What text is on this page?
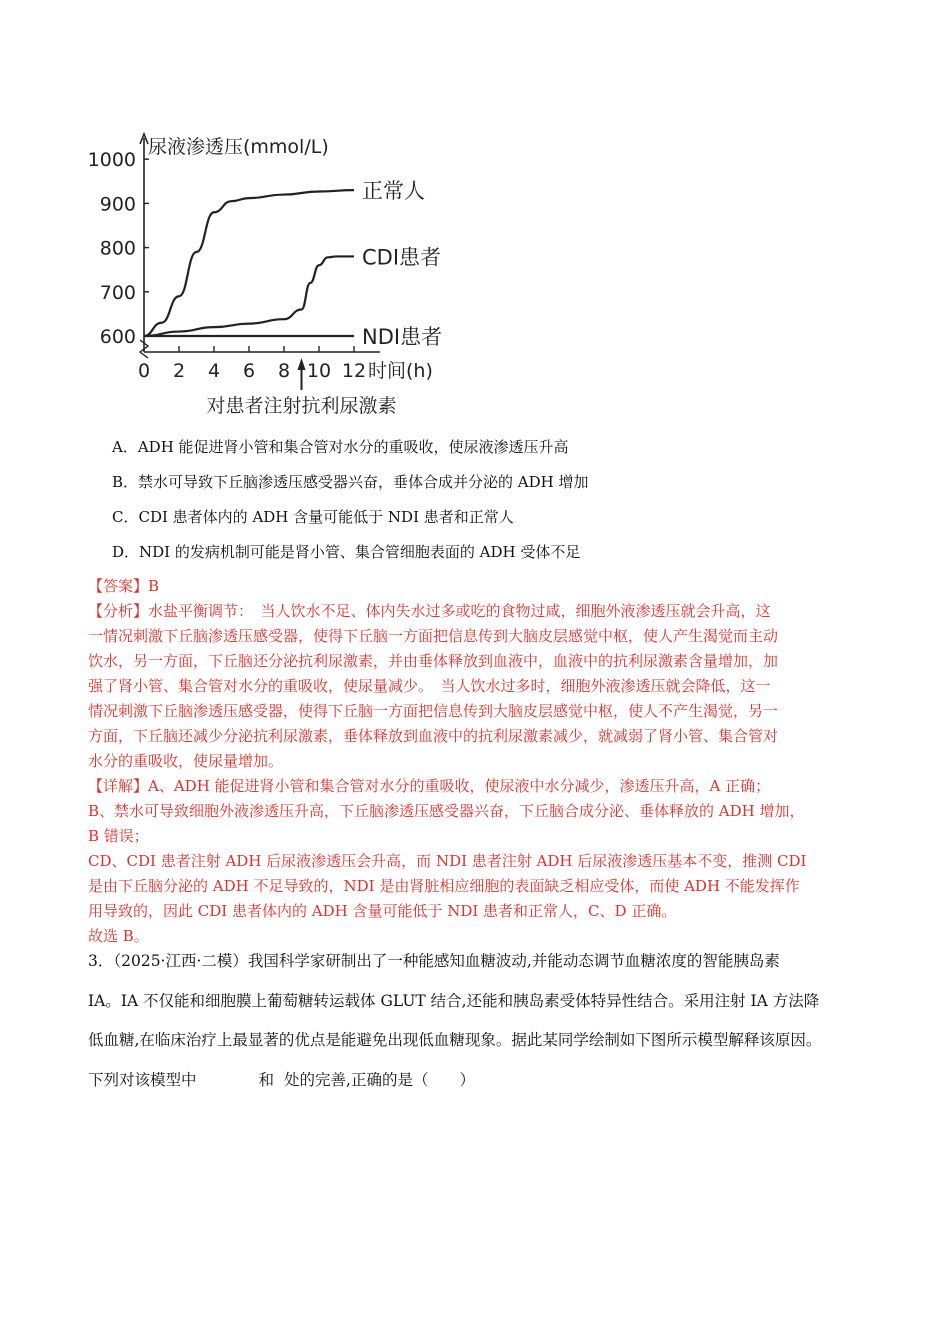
尿液渗透压(mmol/L)
600
700
800
900
1000
0 2 4 6 8 10 12 时间(h)
正常人
CDI患者
NDI患者
对患者注射抗利尿激素
A．ADH 能促进肾小管和集合管对水分的重吸收，使尿液渗透压升高
B．禁水可导致下丘脑渗透压感受器兴奋，垂体合成并分泌的 ADH 增加
C．CDI 患者体内的 ADH 含量可能低于 NDI 患者和正常人
D．NDI 的发病机制可能是肾小管、集合管细胞表面的 ADH 受体不足
【答案】B
【分析】水盐平衡调节：　当人饮水不足、体内失水过多或吃的食物过咸，细胞外液渗透压就会升高，这
一情况刺激下丘脑渗透压感受器，使得下丘脑一方面把信息传到大脑皮层感觉中枢，使人产生渴觉而主动
饮水，另一方面，下丘脑还分泌抗利尿激素，并由垂体释放到血液中，血液中的抗利尿激素含量增加，加
强了肾小管、集合管对水分的重吸收，使尿量减少。　当人饮水过多时，细胞外液渗透压就会降低，这一
情况刺激下丘脑渗透压感受器，使得下丘脑一方面把信息传到大脑皮层感觉中枢，使人不产生渴觉，另一
方面，下丘脑还减少分泌抗利尿激素，垂体释放到血液中的抗利尿激素减少，就减弱了肾小管、集合管对
水分的重吸收，使尿量增加。
【详解】A、ADH 能促进肾小管和集合管对水分的重吸收，使尿液中水分减少，渗透压升高，A 正确；
B、禁水可导致细胞外液渗透压升高，下丘脑渗透压感受器兴奋，下丘脑合成分泌、垂体释放的 ADH 增加，
B 错误；
CD、CDI 患者注射 ADH 后尿液渗透压会升高，而 NDI 患者注射 ADH 后尿液渗透压基本不变，推测 CDI
是由下丘脑分泌的 ADH 不足导致的，NDI 是由肾脏相应细胞的表面缺乏相应受体，而使 ADH 不能发挥作
用导致的，因此 CDI 患者体内的 ADH 含量可能低于 NDI 患者和正常人，C、D 正确。
故选 B。
3．（2025·江西·二模）我国科学家研制出了一种能感知血糖波动,并能动态调节血糖浓度的智能胰岛素
IA。IA 不仅能和细胞膜上葡萄糖转运载体 GLUT 结合,还能和胰岛素受体特异性结合。采用注射 IA 方法降
低血糖,在临床治疗上最显著的优点是能避免出现低血糖现象。据此某同学绘制如下图所示模型解释该原因。
下列对该模型中	和 处的完善,正确的是（　　）
